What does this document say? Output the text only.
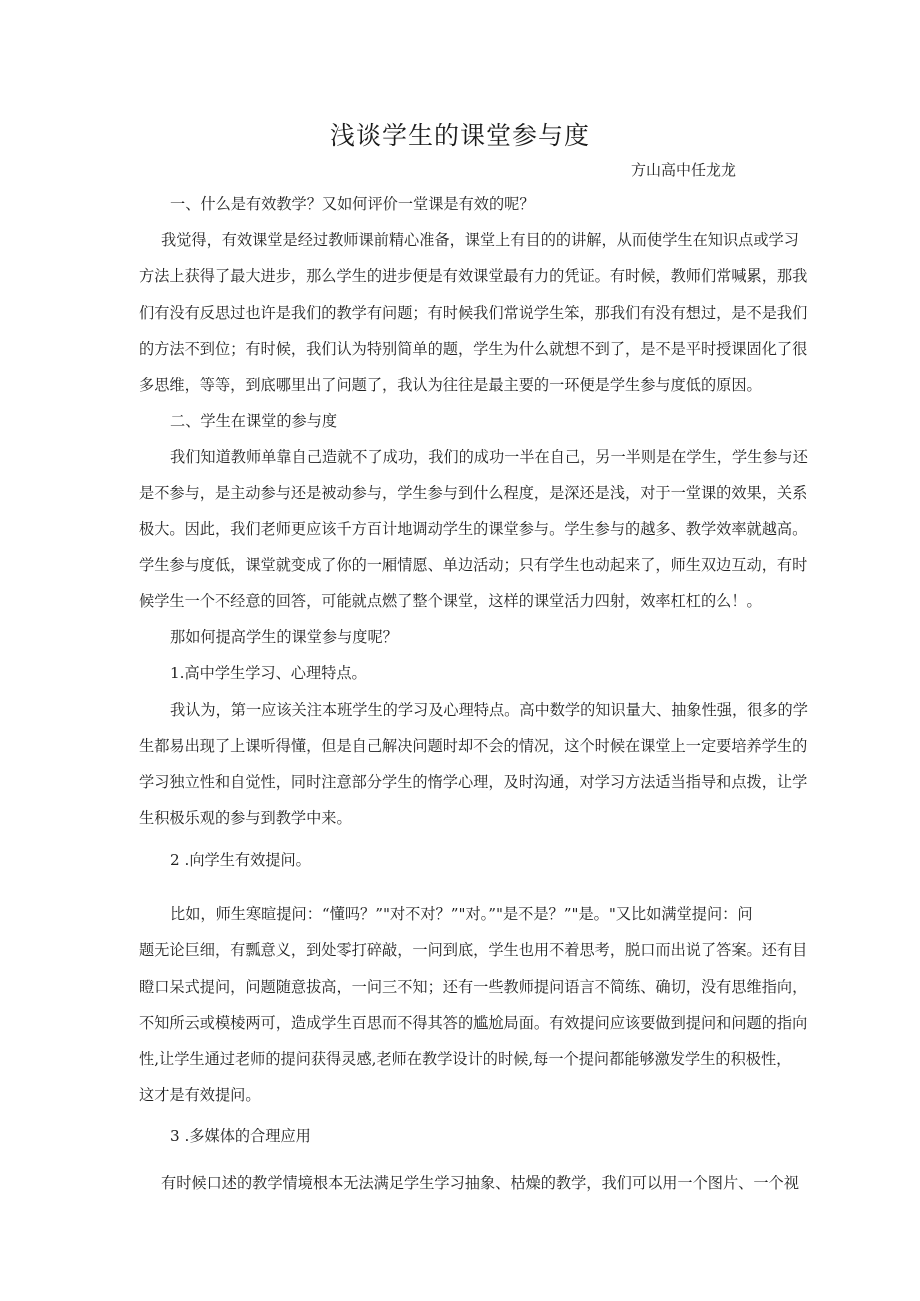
浅谈学生的课堂参与度
方山高中任龙龙
一、什么是有效教学？又如何评价一堂课是有效的呢？
我觉得，有效课堂是经过教师课前精心准备，课堂上有目的的讲解，从而使学生在知识点或学习
方法上获得了最大进步，那么学生的进步便是有效课堂最有力的凭证。有时候，教师们常喊累，那我
们有没有反思过也许是我们的教学有问题；有时候我们常说学生笨，那我们有没有想过，是不是我们
的方法不到位；有时候，我们认为特别简单的题，学生为什么就想不到了，是不是平时授课固化了很
多思维，等等，到底哪里出了问题了，我认为往往是最主要的一环便是学生参与度低的原因。
二、学生在课堂的参与度
我们知道教师单靠自己造就不了成功，我们的成功一半在自己，另一半则是在学生，学生参与还
是不参与，是主动参与还是被动参与，学生参与到什么程度，是深还是浅，对于一堂课的效果，关系
极大。因此，我们老师更应该千方百计地调动学生的课堂参与。学生参与的越多、教学效率就越高。
学生参与度低，课堂就变成了你的一厢情愿、单边活动；只有学生也动起来了，师生双边互动，有时
候学生一个不经意的回答，可能就点燃了整个课堂，这样的课堂活力四射，效率杠杠的么！。
那如何提高学生的课堂参与度呢？
1.高中学生学习、心理特点。
我认为，第一应该关注本班学生的学习及心理特点。高中数学的知识量大、抽象性强，很多的学
生都易出现了上课听得懂，但是自己解决问题时却不会的情况，这个时候在课堂上一定要培养学生的
学习独立性和自觉性，同时注意部分学生的惰学心理，及时沟通，对学习方法适当指导和点拨，让学
生积极乐观的参与到教学中来。
2 .向学生有效提问。
比如，师生寒暄提问：“懂吗？”"对不对？”"对。”"是不是？”"是。"又比如满堂提问：问
题无论巨细，有瓢意义，到处零打碎敲，一问到底，学生也用不着思考，脱口而出说了答案。还有目
瞪口呆式提问，问题随意拔高，一问三不知；还有一些教师提问语言不简练、确切，没有思维指向，
不知所云或模棱两可，造成学生百思而不得其答的尴尬局面。有效提问应该要做到提问和问题的指向
性,让学生通过老师的提问获得灵感,老师在教学设计的时候,每一个提问都能够激发学生的积极性，
这才是有效提问。
3 .多媒体的合理应用
有时候口述的教学情境根本无法满足学生学习抽象、枯燥的教学，我们可以用一个图片、一个视
